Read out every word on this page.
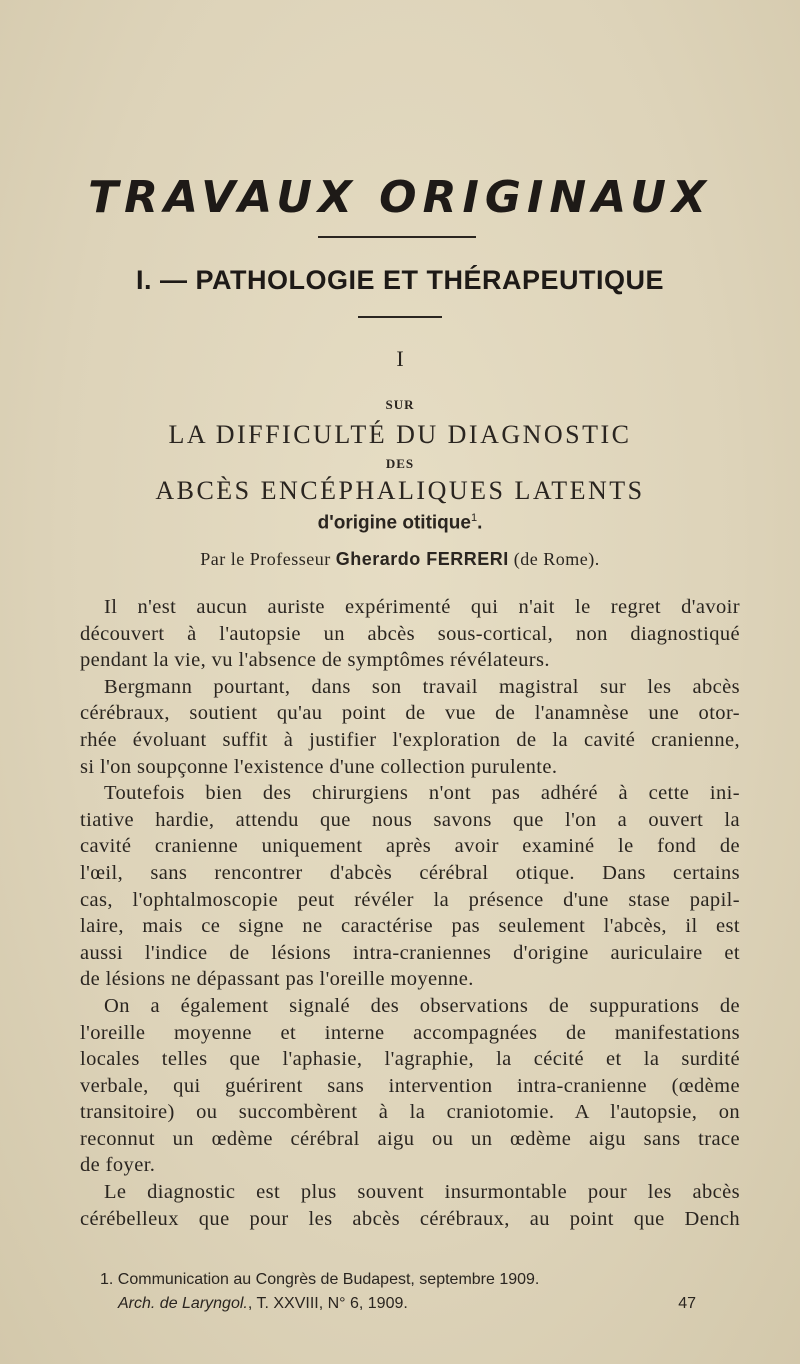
TRAVAUX ORIGINAUX
I. — PATHOLOGIE ET THÉRAPEUTIQUE
I
SUR
LA DIFFICULTÉ DU DIAGNOSTIC
DES
ABCÈS ENCÉPHALIQUES LATENTS
d'origine otitique$^1$.
Par le Professeur Gherardo FERRERI (de Rome).
Il n'est aucun auriste expérimenté qui n'ait le regret d'avoir
découvert à l'autopsie un abcès sous-cortical, non diagnostiqué
pendant la vie, vu l'absence de symptômes révélateurs.
Bergmann pourtant, dans son travail magistral sur les abcès
cérébraux, soutient qu'au point de vue de l'anamnèse une otor-
rhée évoluant suffit à justifier l'exploration de la cavité cranienne,
si l'on soupçonne l'existence d'une collection purulente.
Toutefois bien des chirurgiens n'ont pas adhéré à cette ini-
tiative hardie, attendu que nous savons que l'on a ouvert la
cavité cranienne uniquement après avoir examiné le fond de
l'œil, sans rencontrer d'abcès cérébral otique. Dans certains
cas, l'ophtalmoscopie peut révéler la présence d'une stase papil-
laire, mais ce signe ne caractérise pas seulement l'abcès, il est
aussi l'indice de lésions intra-craniennes d'origine auriculaire et
de lésions ne dépassant pas l'oreille moyenne.
On a également signalé des observations de suppurations de
l'oreille moyenne et interne accompagnées de manifestations
locales telles que l'aphasie, l'agraphie, la cécité et la surdité
verbale, qui guérirent sans intervention intra-cranienne (œdème
transitoire) ou succombèrent à la craniotomie. A l'autopsie, on
reconnut un œdème cérébral aigu ou un œdème aigu sans trace
de foyer.
Le diagnostic est plus souvent insurmontable pour les abcès
cérébelleux que pour les abcès cérébraux, au point que Dench
1. Communication au Congrès de Budapest, septembre 1909.
Arch. de Laryngol., T. XXVIII, N° 6, 1909.	47
